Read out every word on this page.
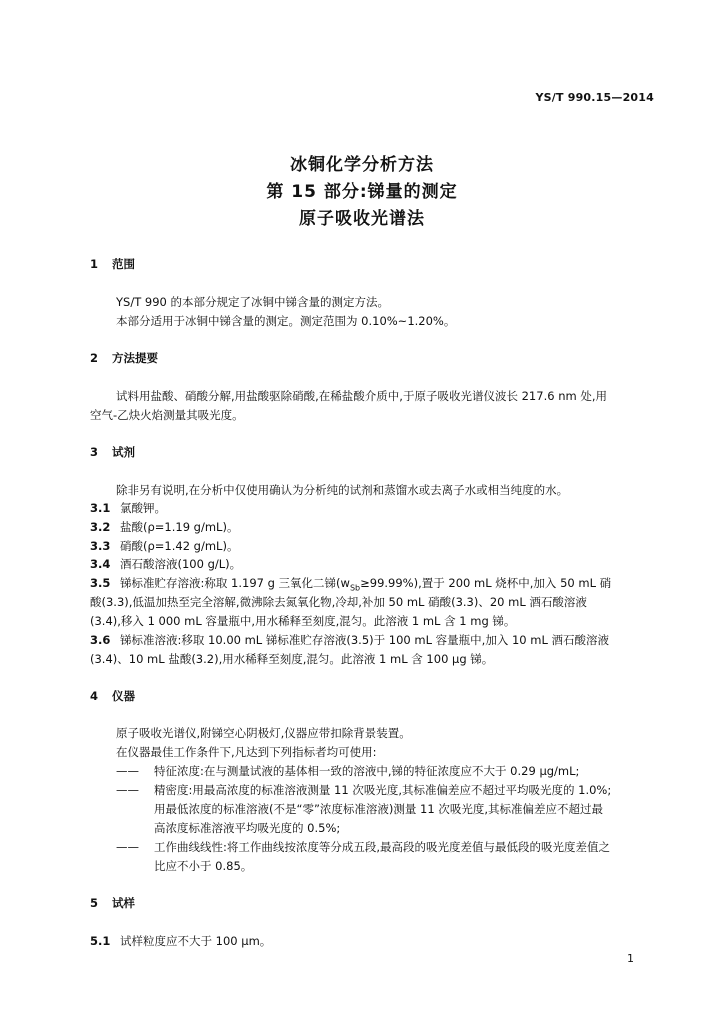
YS/T 990.15—2014
冰铜化学分析方法
第 15 部分:锑量的测定
原子吸收光谱法
1 范围
YS/T 990 的本部分规定了冰铜中锑含量的测定方法。
本部分适用于冰铜中锑含量的测定。测定范围为 0.10%~1.20%。
2 方法提要
试料用盐酸、硝酸分解,用盐酸驱除硝酸,在稀盐酸介质中,于原子吸收光谱仪波长 217.6 nm 处,用
空气-乙炔火焰测量其吸光度。
3 试剂
除非另有说明,在分析中仅使用确认为分析纯的试剂和蒸馏水或去离子水或相当纯度的水。
3.1 氯酸钾。
3.2 盐酸(ρ=1.19 g/mL)。
3.3 硝酸(ρ=1.42 g/mL)。
3.4 酒石酸溶液(100 g/L)。
3.5 锑标准贮存溶液:称取 1.197 g 三氧化二锑$(w_{Sb}\ge 99.99\%)$,置于 200 mL 烧杯中,加入 50 mL 硝
酸(3.3),低温加热至完全溶解,微沸除去氮氧化物,冷却,补加 50 mL 硝酸(3.3)、20 mL 酒石酸溶液
(3.4),移入 1 000 mL 容量瓶中,用水稀释至刻度,混匀。此溶液 1 mL 含 1 mg 锑。
3.6 锑标准溶液:移取 10.00 mL 锑标准贮存溶液(3.5)于 100 mL 容量瓶中,加入 10 mL 酒石酸溶液
(3.4)、10 mL 盐酸(3.2),用水稀释至刻度,混匀。此溶液 1 mL 含 100 μg 锑。
4 仪器
原子吸收光谱仪,附锑空心阴极灯,仪器应带扣除背景装置。
在仪器最佳工作条件下,凡达到下列指标者均可使用:
—— 特征浓度:在与测量试液的基体相一致的溶液中,锑的特征浓度应不大于 0.29 μg/mL;
—— 精密度:用最高浓度的标准溶液测量 11 次吸光度,其标准偏差应不超过平均吸光度的 1.0%;
用最低浓度的标准溶液(不是“零”浓度标准溶液)测量 11 次吸光度,其标准偏差应不超过最
高浓度标准溶液平均吸光度的 0.5%;
—— 工作曲线线性:将工作曲线按浓度等分成五段,最高段的吸光度差值与最低段的吸光度差值之
比应不小于 0.85。
5 试样
5.1 试样粒度应不大于 100 μm。
1
